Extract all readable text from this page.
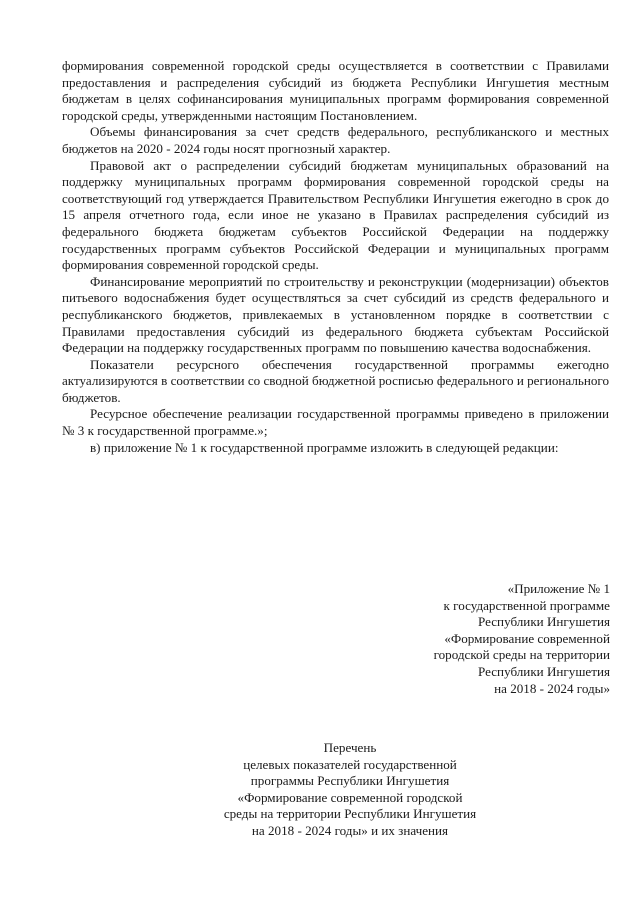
формирования современной городской среды осуществляется в соответствии с Правилами предоставления и распределения субсидий из бюджета Республики Ингушетия местным бюджетам в целях софинансирования муниципальных программ формирования современной городской среды, утвержденными настоящим Постановлением.

Объемы финансирования за счет средств федерального, республиканского и местных бюджетов на 2020 - 2024 годы носят прогнозный характер.

Правовой акт о распределении субсидий бюджетам муниципальных образований на поддержку муниципальных программ формирования современной городской среды на соответствующий год утверждается Правительством Республики Ингушетия ежегодно в срок до 15 апреля отчетного года, если иное не указано в Правилах распределения субсидий из федерального бюджета бюджетам субъектов Российской Федерации на поддержку государственных программ субъектов Российской Федерации и муниципальных программ формирования современной городской среды.

Финансирование мероприятий по строительству и реконструкции (модернизации) объектов питьевого водоснабжения будет осуществляться за счет субсидий из средств федерального и республиканского бюджетов, привлекаемых в установленном порядке в соответствии с Правилами предоставления субсидий из федерального бюджета субъектам Российской Федерации на поддержку государственных программ по повышению качества водоснабжения.

Показатели ресурсного обеспечения государственной программы ежегодно актуализируются в соответствии со сводной бюджетной росписью федерального и регионального бюджетов.

Ресурсное обеспечение реализации государственной программы приведено в приложении № 3 к государственной программе.»;

в) приложение № 1 к государственной программе изложить в следующей редакции:

«Приложение № 1
к государственной программе
Республики Ингушетия
«Формирование современной
городской среды на территории
Республики Ингушетия
на 2018 - 2024 годы»
Перечень
целевых показателей государственной
программы Республики Ингушетия
«Формирование современной городской
среды на территории Республики Ингушетия
на 2018 - 2024 годы» и их значения
